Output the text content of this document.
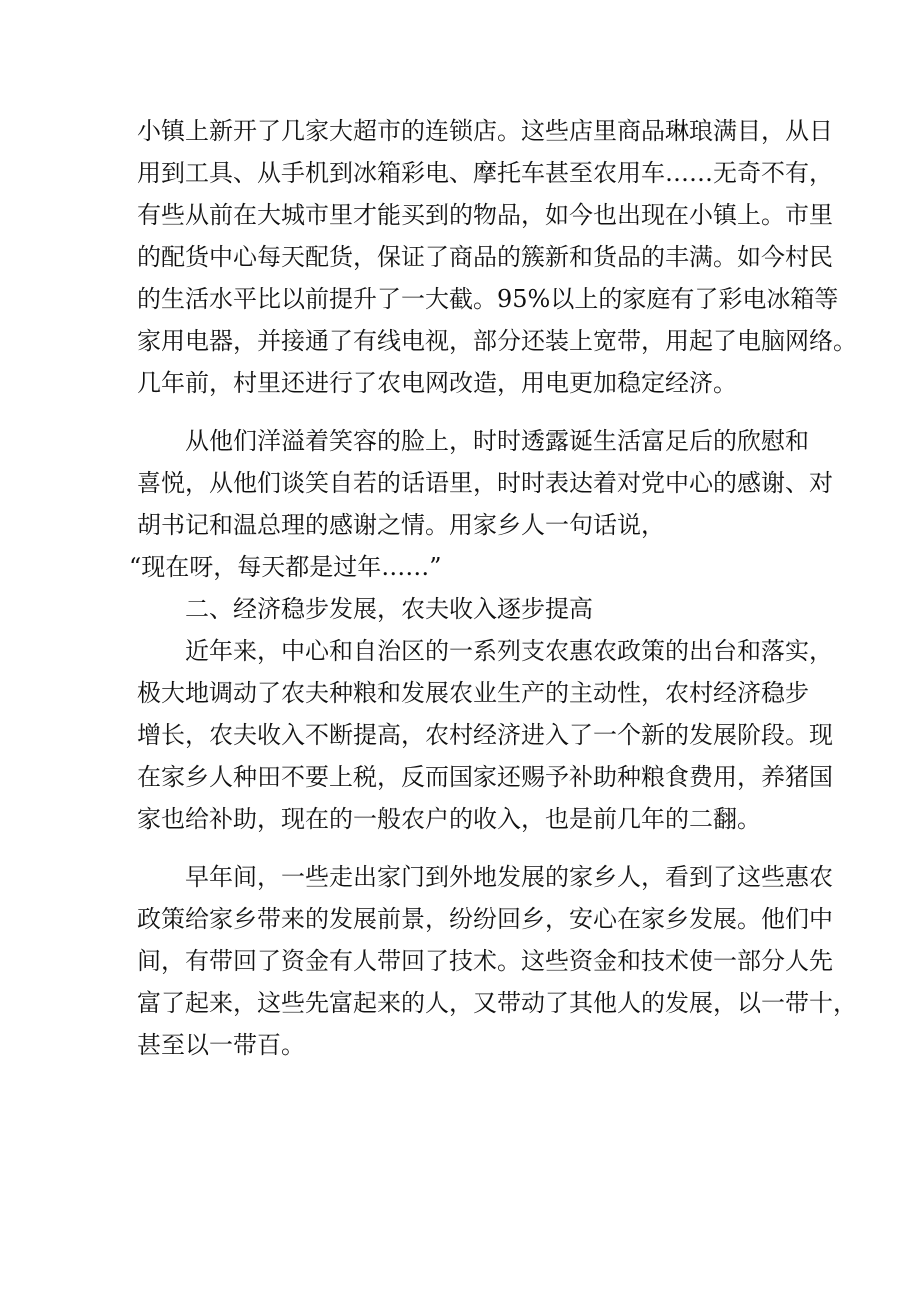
小镇上新开了几家大超市的连锁店。这些店里商品琳琅满目，从日
用到工具、从手机到冰箱彩电、摩托车甚至农用车……无奇不有，
有些从前在大城市里才能买到的物品，如今也出现在小镇上。市里
的配货中心每天配货，保证了商品的簇新和货品的丰满。如今村民
的生活水平比以前提升了一大截。95%以上的家庭有了彩电冰箱等
家用电器，并接通了有线电视，部分还装上宽带，用起了电脑网络。
几年前，村里还进行了农电网改造，用电更加稳定经济。
从他们洋溢着笑容的脸上，时时透露诞生活富足后的欣慰和
喜悦，从他们谈笑自若的话语里，时时表达着对党中心的感谢、对
胡书记和温总理的感谢之情。用家乡人一句话说，
“现在呀，每天都是过年……”
二、经济稳步发展，农夫收入逐步提高
近年来，中心和自治区的一系列支农惠农政策的出台和落实，
极大地调动了农夫种粮和发展农业生产的主动性，农村经济稳步
增长，农夫收入不断提高，农村经济进入了一个新的发展阶段。现
在家乡人种田不要上税，反而国家还赐予补助种粮食费用，养猪国
家也给补助，现在的一般农户的收入，也是前几年的二翻。
早年间，一些走出家门到外地发展的家乡人，看到了这些惠农
政策给家乡带来的发展前景，纷纷回乡，安心在家乡发展。他们中
间，有带回了资金有人带回了技术。这些资金和技术使一部分人先
富了起来，这些先富起来的人，又带动了其他人的发展，以一带十，
甚至以一带百。
